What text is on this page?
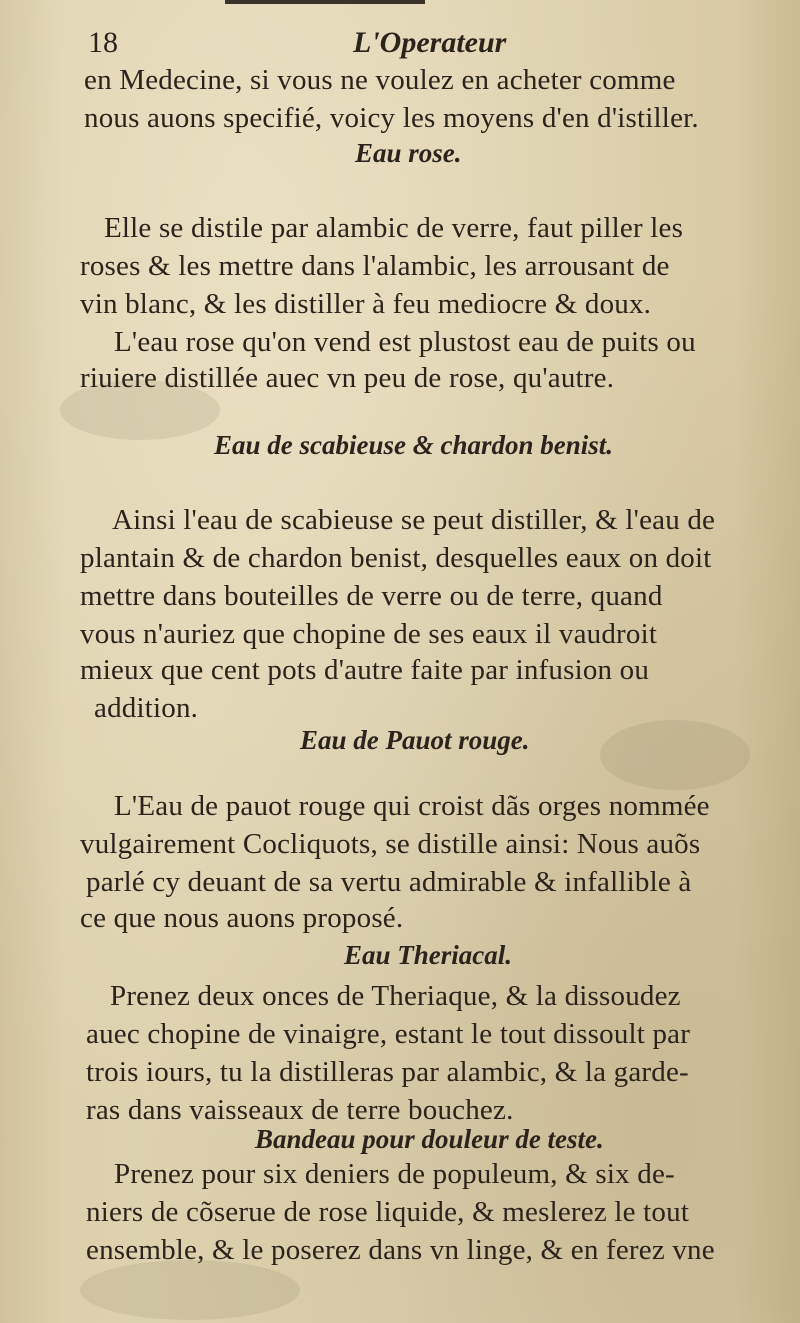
18	L'Operateur
en Medecine, si vous ne voulez en acheter comme
nous auons specifié, voicy les moyens d'en d'istiller.
Eau rose.
Elle se distile par alambic de verre, faut piller les
roses & les mettre dans l'alambic, les arrousant de
vin blanc, & les distiller à feu mediocre & doux.
L'eau rose qu'on vend est plustost eau de puits ou
riuiere distillée auec vn peu de rose, qu'autre.
Eau de scabieuse & chardon benist.
Ainsi l'eau de scabieuse se peut distiller, & l'eau de
plantain & de chardon benist, desquelles eaux on doit
mettre dans bouteilles de verre ou de terre, quand
vous n'auriez que chopine de ses eaux il vaudroit
mieux que cent pots d'autre faite par infusion ou
addition.
Eau de Pauot rouge.
L'Eau de pauot rouge qui croist dãs orges nommée
vulgairement Cocliquots, se distille ainsi: Nous auõs
parlé cy deuant de sa vertu admirable & infallible à
ce que nous auons proposé.
Eau Theriacal.
Prenez deux onces de Theriaque, & la dissoudez
auec chopine de vinaigre, estant le tout dissoult par
trois iours, tu la distilleras par alambic, & la garde-
ras dans vaisseaux de terre bouchez.
Bandeau pour douleur de teste.
Prenez pour six deniers de populeum, & six de-
niers de cõserue de rose liquide, & meslerez le tout
ensemble, & le poserez dans vn linge, & en ferez vne
